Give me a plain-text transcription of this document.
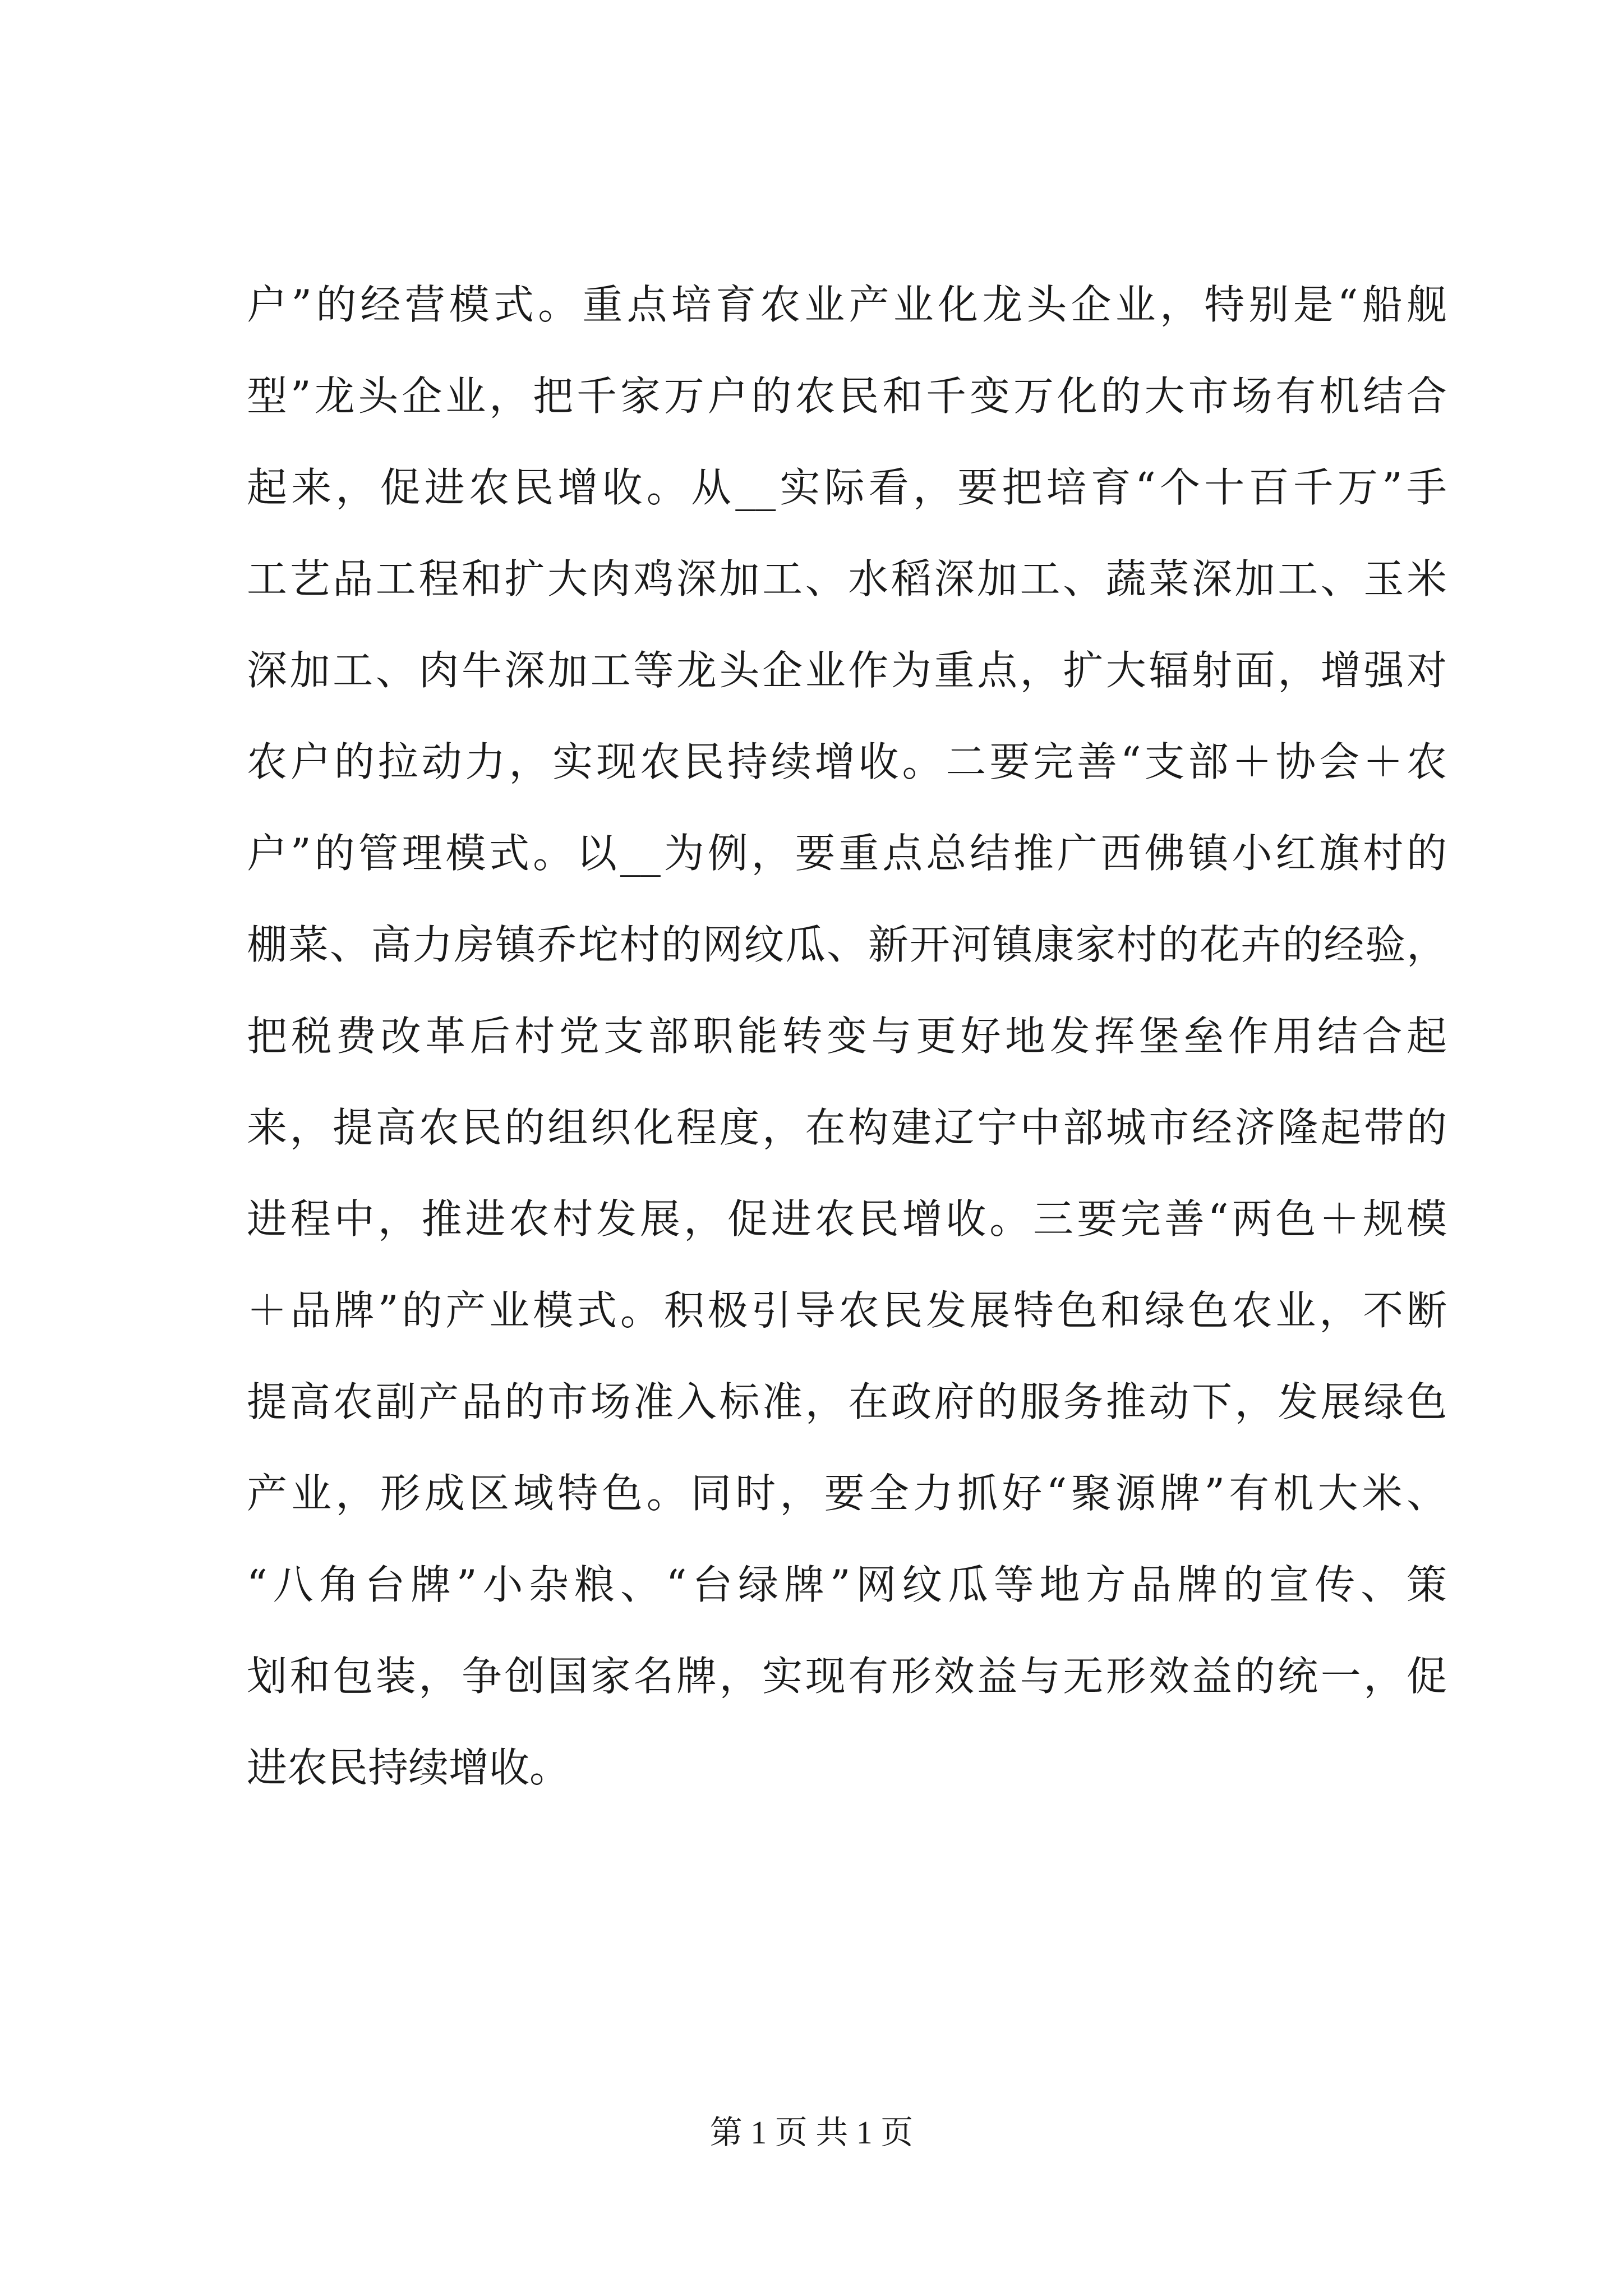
户”的经营模式。重点培育农业产业化龙头企业，特别是“船舰
型”龙头企业，把千家万户的农民和千变万化的大市场有机结合
起来，促进农民增收。从__实际看，要把培育“个十百千万”手
工艺品工程和扩大肉鸡深加工、水稻深加工、蔬菜深加工、玉米
深加工、肉牛深加工等龙头企业作为重点，扩大辐射面，增强对
农户的拉动力，实现农民持续增收。二要完善“支部＋协会＋农
户”的管理模式。以__为例，要重点总结推广西佛镇小红旗村的
棚菜、高力房镇乔坨村的网纹瓜、新开河镇康家村的花卉的经验，
把税费改革后村党支部职能转变与更好地发挥堡垒作用结合起
来，提高农民的组织化程度，在构建辽宁中部城市经济隆起带的
进程中，推进农村发展，促进农民增收。三要完善“两色＋规模
＋品牌”的产业模式。积极引导农民发展特色和绿色农业，不断
提高农副产品的市场准入标准，在政府的服务推动下，发展绿色
产业，形成区域特色。同时，要全力抓好“聚源牌”有机大米、
“八角台牌”小杂粮、“台绿牌”网纹瓜等地方品牌的宣传、策
划和包装，争创国家名牌，实现有形效益与无形效益的统一，促
进农民持续增收。
第 1 页 共 1 页
